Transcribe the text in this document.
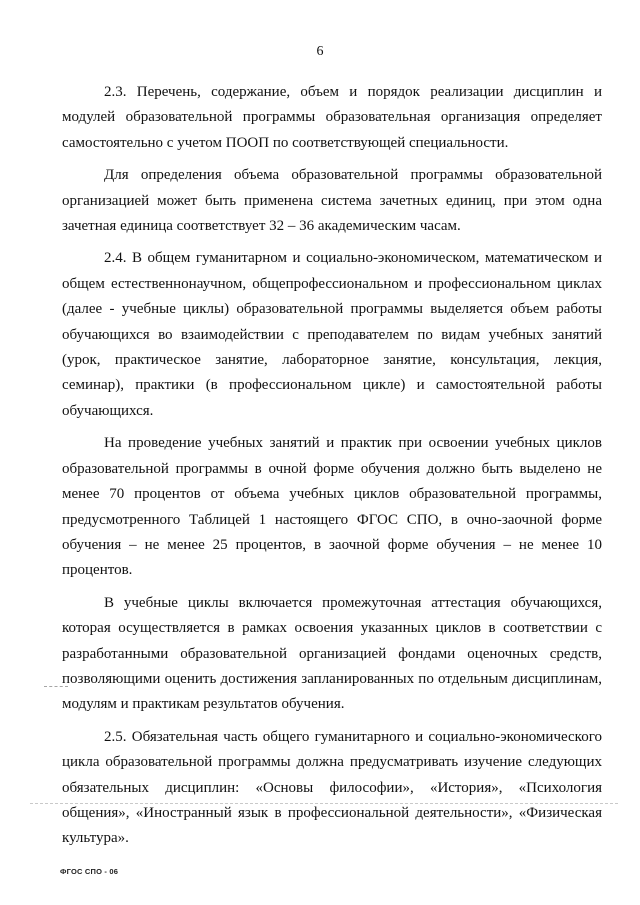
6

2.3. Перечень, содержание, объем и порядок реализации дисциплин и модулей образовательной программы образовательная организация определяет самостоятельно с учетом ПООП по соответствующей специальности.

Для определения объема образовательной программы образовательной организацией может быть применена система зачетных единиц, при этом одна зачетная единица соответствует 32 – 36 академическим часам.

2.4. В общем гуманитарном и социально-экономическом, математическом и общем естественнонаучном, общепрофессиональном и профессиональном циклах (далее - учебные циклы) образовательной программы выделяется объем работы обучающихся во взаимодействии с преподавателем по видам учебных занятий (урок, практическое занятие, лабораторное занятие, консультация, лекция, семинар), практики (в профессиональном цикле) и самостоятельной работы обучающихся.

На проведение учебных занятий и практик при освоении учебных циклов образовательной программы в очной форме обучения должно быть выделено не менее 70 процентов от объема учебных циклов образовательной программы, предусмотренного Таблицей 1 настоящего ФГОС СПО, в очно-заочной форме обучения – не менее 25 процентов, в заочной форме обучения – не менее 10 процентов.

В учебные циклы включается промежуточная аттестация обучающихся, которая осуществляется в рамках освоения указанных циклов в соответствии с разработанными образовательной организацией фондами оценочных средств, позволяющими оценить достижения запланированных по отдельным дисциплинам, модулям и практикам результатов обучения.

2.5. Обязательная часть общего гуманитарного и социально-экономического цикла образовательной программы должна предусматривать изучение следующих обязательных дисциплин: «Основы философии», «История», «Психология общения», «Иностранный язык в профессиональной деятельности», «Физическая культура».

ФГОС СПО - 06
